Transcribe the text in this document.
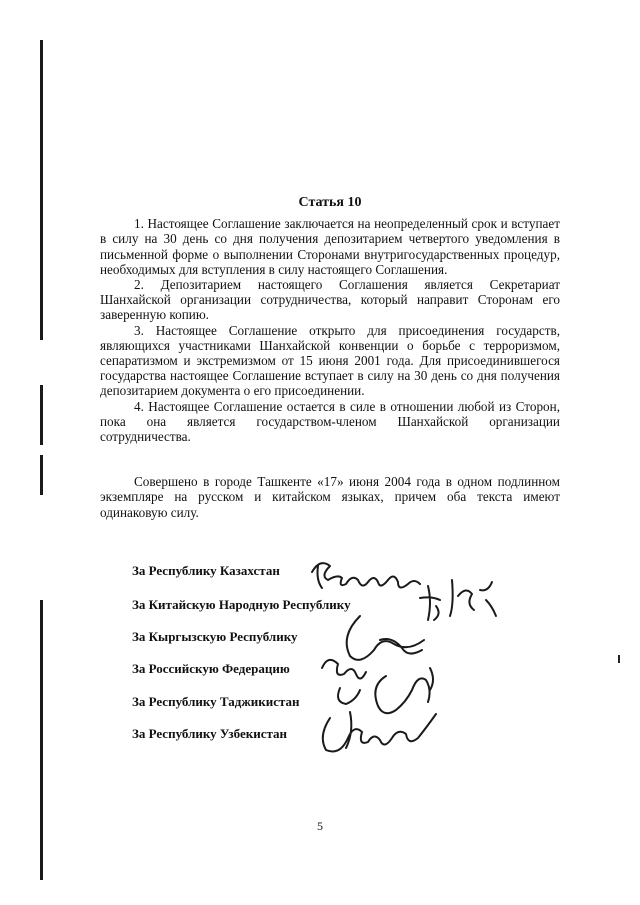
Статья 10

1. Настоящее Соглашение заключается на неопределенный срок и вступает в силу на 30 день со дня получения депозитарием четвертого уведомления в письменной форме о выполнении Сторонами внутригосударственных процедур, необходимых для вступления в силу настоящего Соглашения.

2. Депозитарием настоящего Соглашения является Секретариат Шанхайской организации сотрудничества, который направит Сторонам его заверенную копию.

3. Настоящее Соглашение открыто для присоединения государств, являющихся участниками Шанхайской конвенции о борьбе с терроризмом, сепаратизмом и экстремизмом от 15 июня 2001 года. Для присоединившегося государства настоящее Соглашение вступает в силу на 30 день со дня получения депозитарием документа о его присоединении.

4. Настоящее Соглашение остается в силе в отношении любой из Сторон, пока она является государством-членом Шанхайской организации сотрудничества.

Совершено в городе Ташкенте «17» июня 2004 года в одном подлинном экземпляре на русском и китайском языках, причем оба текста имеют одинаковую силу.

За Республику Казахстан
За Китайскую Народную Республику
За Кыргызскую Республику
За Российскую Федерацию
За Республику Таджикистан
За Республику Узбекистан
5
